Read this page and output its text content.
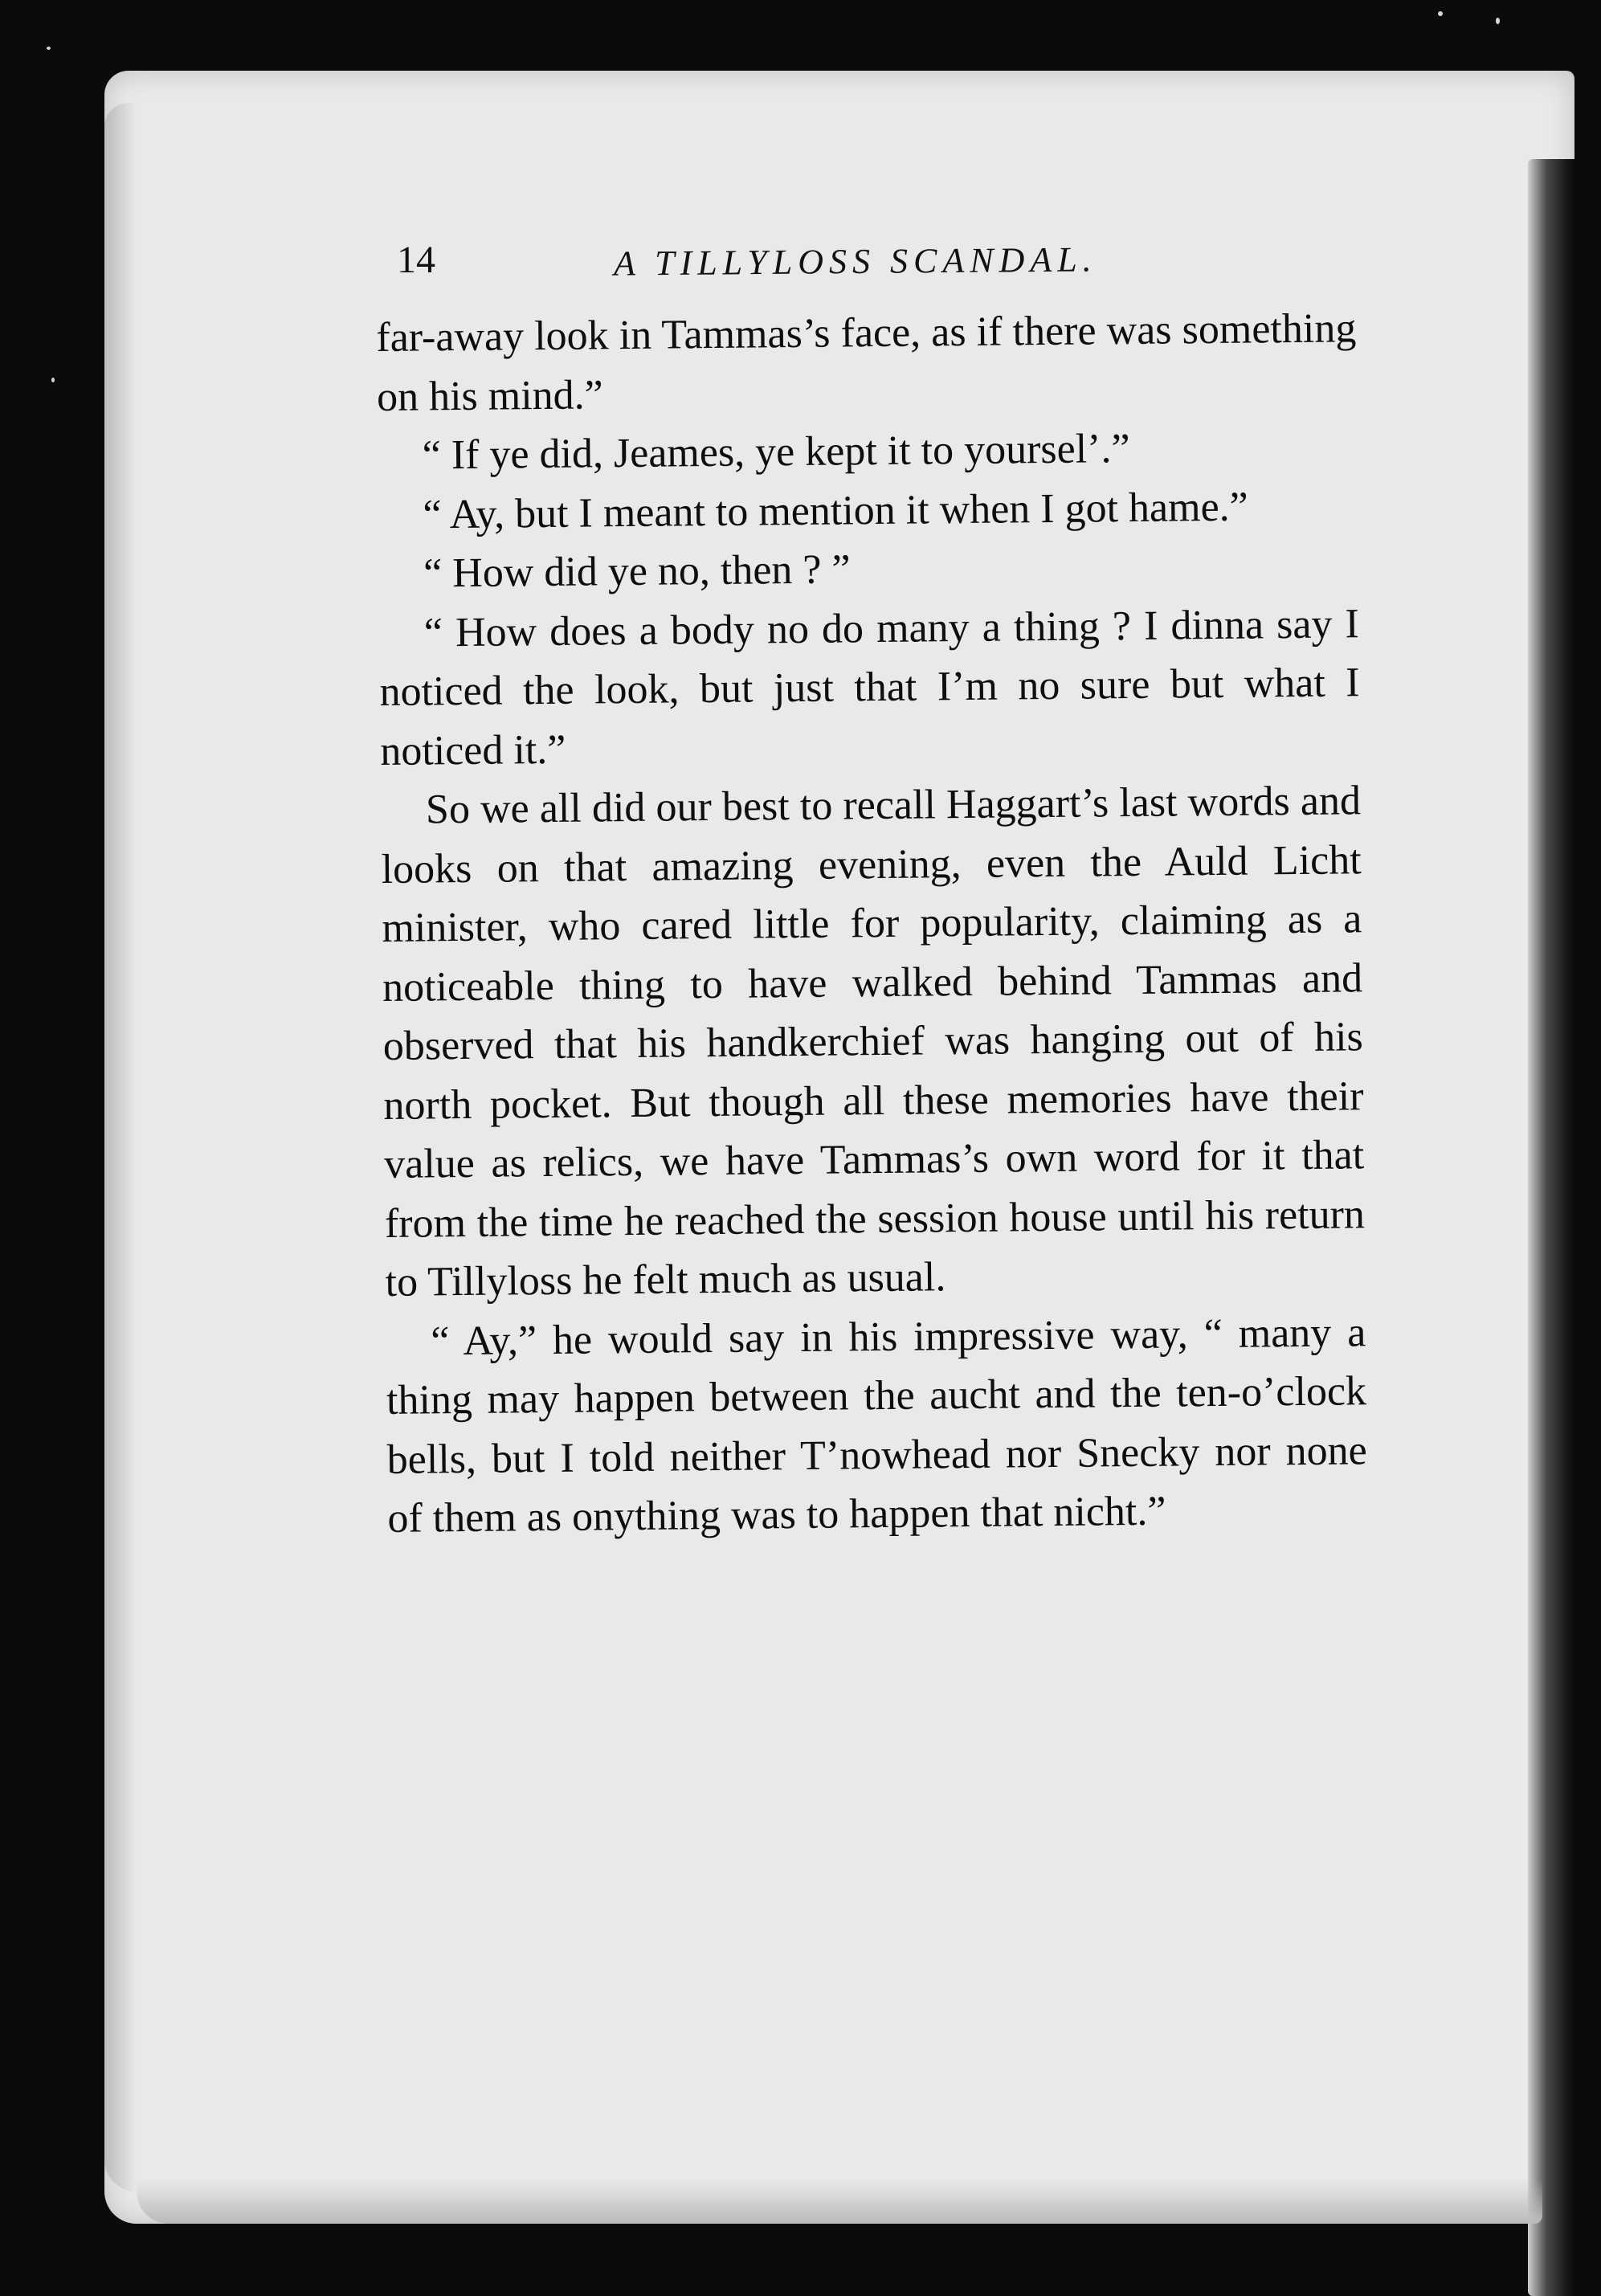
14	A TILLYLOSS SCANDAL.

far-away look in Tammas’s face, as if there was something on his mind.”

“ If ye did, Jeames, ye kept it to yoursel’.”

“ Ay, but I meant to mention it when I got hame.”

“ How did ye no, then ? ”

“ How does a body no do many a thing ? I dinna say I noticed the look, but just that I’m no sure but what I noticed it.”

So we all did our best to recall Haggart’s last words and looks on that amazing evening, even the Auld Licht minister, who cared little for popularity, claiming as a noticeable thing to have walked behind Tammas and observed that his handkerchief was hanging out of his north pocket. But though all these memories have their value as relics, we have Tammas’s own word for it that from the time he reached the session house until his return to Tillyloss he felt much as usual.

“ Ay,” he would say in his impressive way, “ many a thing may happen between the aucht and the ten-o’clock bells, but I told neither T’nowhead nor Snecky nor none of them as onything was to happen that nicht.”
